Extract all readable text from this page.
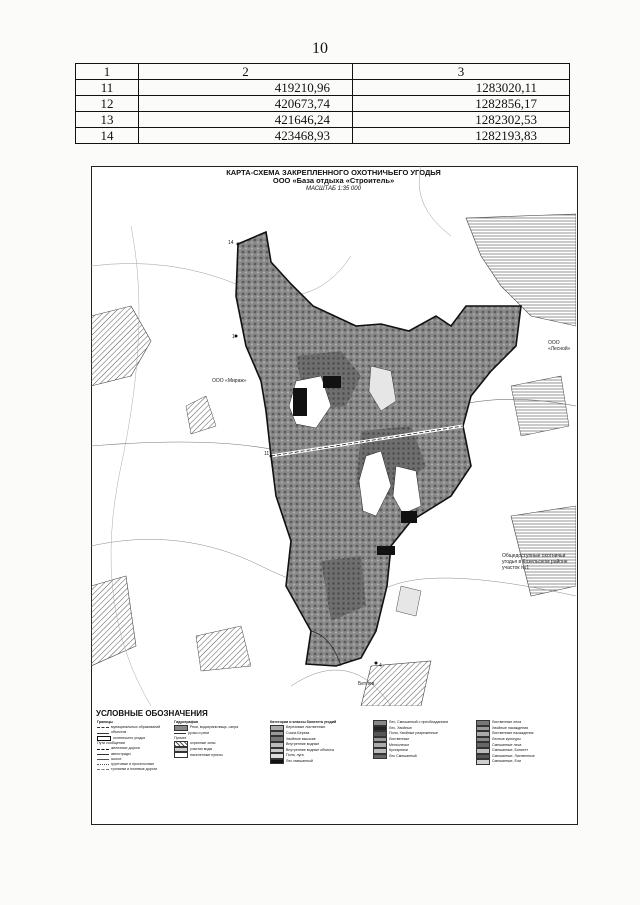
10
1	2	3
11	419210,96	1283020,11
12	420673,74	1282856,17
13	421646,24	1282302,53
14	423468,93	1282193,83
КАРТА-СХЕМА ЗАКРЕПЛЕННОГО ОХОТНИЧЬЕГО УГОДЬЯ
ООО «База отдыха «Строитель»
МАСШТАБ 1:35 000
ООО «Мираж»
ООО «Лесной»
Общедоступные охотничьи угодья в Козельском районе участок №1
Бетлев
1
11
14
4
УСЛОВНЫЕ ОБОЗНАЧЕНИЯ
Границы
муниципальных образований
объектов
охотничьего угодья
Пути сообщения
железные дороги
автострады
шоссе
грунтовые и проселочные
тропинки и полевые дороги
Гидрография
Реки, водохранилища, озера
ручьи и реки
Прочее
охранные зоны
участки воды
населенные пункты
Категории и классы бонитета угодий
Березовые лиственные
Сосна Береза
Хвойные высокие
Внутренние водные
Внутренние водные объекты
Поля, луга
Лес смешанный
Лес, Смешанный с преобладанием
Лес, Хвойные
Поля, Хвойные разреженные
Лиственные
Мелколесье
Кустарники
Лес Смешанный
Лиственные леса
Хвойные насаждения
Лиственные насаждения
Лесные культуры
Смешанные леса
Смешанные, Бонитет
Смешанные, Лиственные
Смешанные, Ели
